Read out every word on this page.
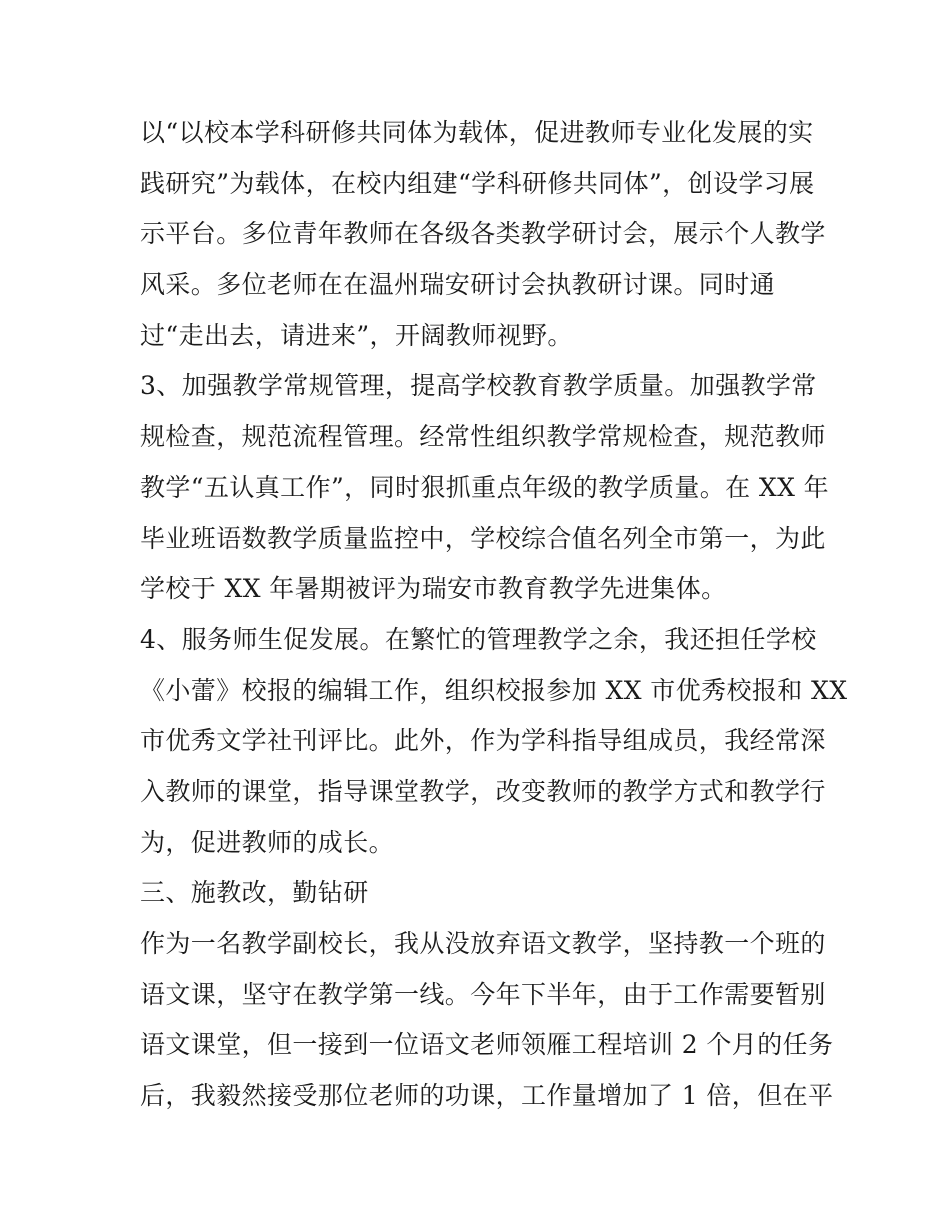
以“以校本学科研修共同体为载体，促进教师专业化发展的实
践研究”为载体，在校内组建“学科研修共同体”，创设学习展
示平台。多位青年教师在各级各类教学研讨会，展示个人教学
风采。多位老师在在温州瑞安研讨会执教研讨课。同时通
过“走出去，请进来”，开阔教师视野。
3、加强教学常规管理，提高学校教育教学质量。加强教学常
规检查，规范流程管理。经常性组织教学常规检查，规范教师
教学“五认真工作”，同时狠抓重点年级的教学质量。在 XX 年
毕业班语数教学质量监控中，学校综合值名列全市第一，为此
学校于 XX 年暑期被评为瑞安市教育教学先进集体。
4、服务师生促发展。在繁忙的管理教学之余，我还担任学校
《小蕾》校报的编辑工作，组织校报参加 XX 市优秀校报和 XX
市优秀文学社刊评比。此外，作为学科指导组成员，我经常深
入教师的课堂，指导课堂教学，改变教师的教学方式和教学行
为，促进教师的成长。
三、施教改，勤钻研
作为一名教学副校长，我从没放弃语文教学，坚持教一个班的
语文课，坚守在教学第一线。今年下半年，由于工作需要暂别
语文课堂，但一接到一位语文老师领雁工程培训 2 个月的任务
后，我毅然接受那位老师的功课，工作量增加了 1 倍，但在平
